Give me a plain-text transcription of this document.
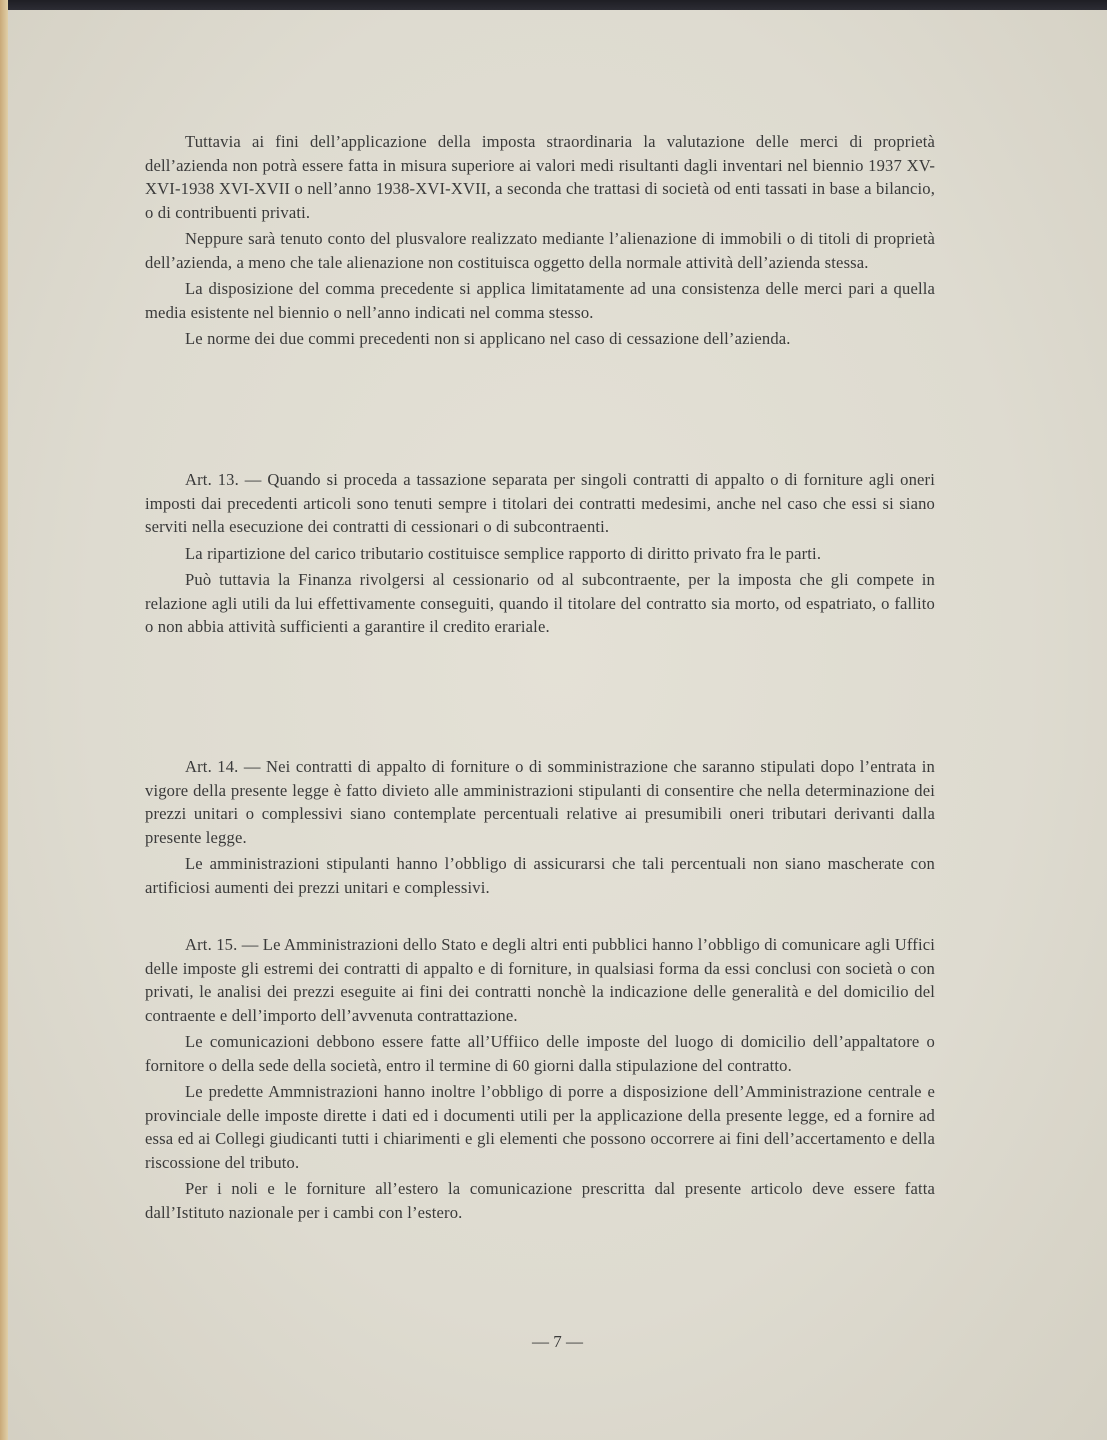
Tuttavia ai fini dell’applicazione della imposta straordinaria la valutazione delle merci di proprietà dell’azienda non potrà essere fatta in misura superiore ai valori medi risultanti dagli inventari nel biennio 1937 XV-XVI-1938 XVI-XVII o nell’anno 1938-XVI-XVII, a seconda che trattasi di società od enti tassati in base a bilancio, o di contribuenti privati.

Neppure sarà tenuto conto del plusvalore realizzato mediante l’alienazione di immobili o di titoli di proprietà dell’azienda, a meno che tale alienazione non costituisca oggetto della normale attività dell’azienda stessa.

La disposizione del comma precedente si applica limitatamente ad una consistenza delle merci pari a quella media esistente nel biennio o nell’anno indicati nel comma stesso.

Le norme dei due commi precedenti non si applicano nel caso di cessazione dell’azienda.

Art. 13. — Quando si proceda a tassazione separata per singoli contratti di appalto o di forniture agli oneri imposti dai precedenti articoli sono tenuti sempre i titolari dei contratti medesimi, anche nel caso che essi si siano serviti nella esecuzione dei contratti di cessionari o di subcontraenti.

La ripartizione del carico tributario costituisce semplice rapporto di diritto privato fra le parti.

Può tuttavia la Finanza rivolgersi al cessionario od al subcontraente, per la imposta che gli compete in relazione agli utili da lui effettivamente conseguiti, quando il titolare del contratto sia morto, od espatriato, o fallito o non abbia attività sufficienti a garantire il credito erariale.

Art. 14. — Nei contratti di appalto di forniture o di somministrazione che saranno stipulati dopo l’entrata in vigore della presente legge è fatto divieto alle amministrazioni stipulanti di consentire che nella determinazione dei prezzi unitari o complessivi siano contemplate percentuali relative ai presumibili oneri tributari derivanti dalla presente legge.

Le amministrazioni stipulanti hanno l’obbligo di assicurarsi che tali percentuali non siano mascherate con artificiosi aumenti dei prezzi unitari e complessivi.

Art. 15. — Le Amministrazioni dello Stato e degli altri enti pubblici hanno l’obbligo di comunicare agli Uffici delle imposte gli estremi dei contratti di appalto e di forniture, in qualsiasi forma da essi conclusi con società o con privati, le analisi dei prezzi eseguite ai fini dei contratti nonchè la indicazione delle generalità e del domicilio del contraente e dell’importo dell’avvenuta contrattazione.

Le comunicazioni debbono essere fatte all’Uffiico delle imposte del luogo di domicilio dell’appaltatore o fornitore o della sede della società, entro il termine di 60 giorni dalla stipulazione del contratto.

Le predette Ammnistrazioni hanno inoltre l’obbligo di porre a disposizione dell’Amministrazione centrale e provinciale delle imposte dirette i dati ed i documenti utili per la applicazione della presente legge, ed a fornire ad essa ed ai Collegi giudicanti tutti i chiarimenti e gli elementi che possono occorrere ai fini dell’accertamento e della riscossione del tributo.

Per i noli e le forniture all’estero la comunicazione prescritta dal presente articolo deve essere fatta dall’Istituto nazionale per i cambi con l’estero.

— 7 —
